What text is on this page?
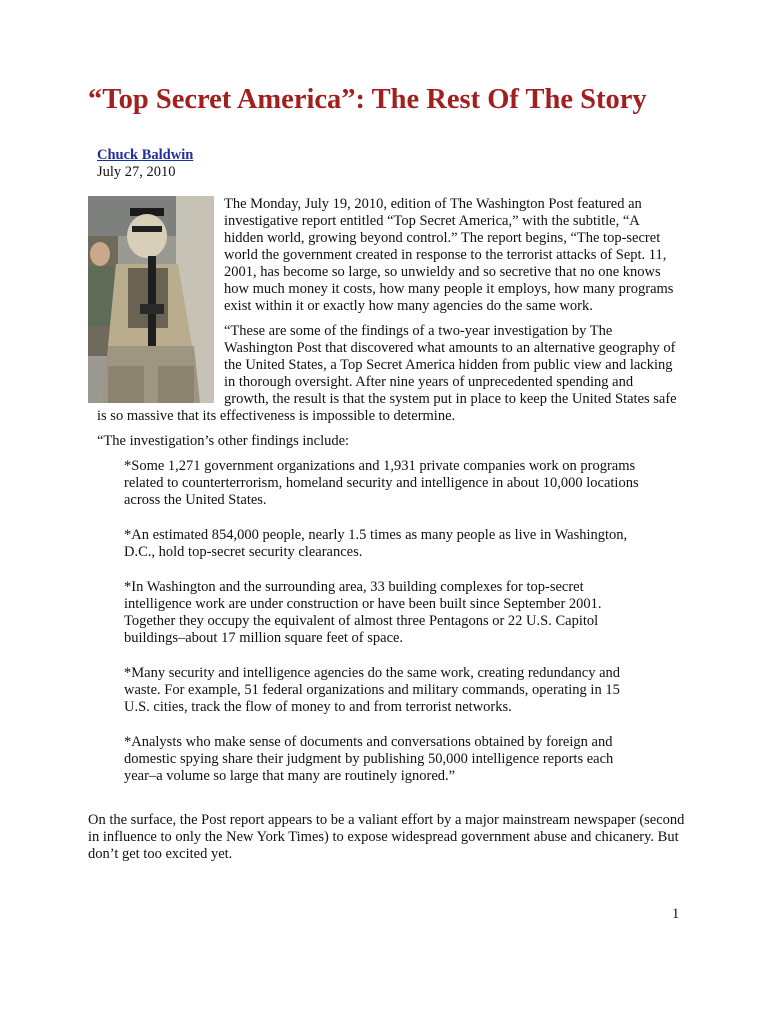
“Top Secret America”: The Rest Of The Story
Chuck Baldwin
July 27, 2010

The Monday, July 19, 2010, edition of The Washington Post featured an investigative report entitled “Top Secret America,” with the subtitle, “A hidden world, growing beyond control.” The report begins, “The top-secret world the government created in response to the terrorist attacks of Sept. 11, 2001, has become so large, so unwieldy and so secretive that no one knows how much money it costs, how many people it employs, how many programs exist within it or exactly how many agencies do the same work.

“These are some of the findings of a two-year investigation by The Washington Post that discovered what amounts to an alternative geography of the United States, a Top Secret America hidden from public view and lacking in thorough oversight. After nine years of unprecedented spending and growth, the result is that the system put in place to keep the United States safe is so massive that its effectiveness is impossible to determine.

“The investigation’s other findings include:

*Some 1,271 government organizations and 1,931 private companies work on programs related to counterterrorism, homeland security and intelligence in about 10,000 locations across the United States.

*An estimated 854,000 people, nearly 1.5 times as many people as live in Washington, D.C., hold top-secret security clearances.

*In Washington and the surrounding area, 33 building complexes for top-secret intelligence work are under construction or have been built since September 2001. Together they occupy the equivalent of almost three Pentagons or 22 U.S. Capitol buildings–about 17 million square feet of space.

*Many security and intelligence agencies do the same work, creating redundancy and waste. For example, 51 federal organizations and military commands, operating in 15 U.S. cities, track the flow of money to and from terrorist networks.

*Analysts who make sense of documents and conversations obtained by foreign and domestic spying share their judgment by publishing 50,000 intelligence reports each year–a volume so large that many are routinely ignored.”

On the surface, the Post report appears to be a valiant effort by a major mainstream newspaper (second in influence to only the New York Times) to expose widespread government abuse and chicanery. But don’t get too excited yet.

1
